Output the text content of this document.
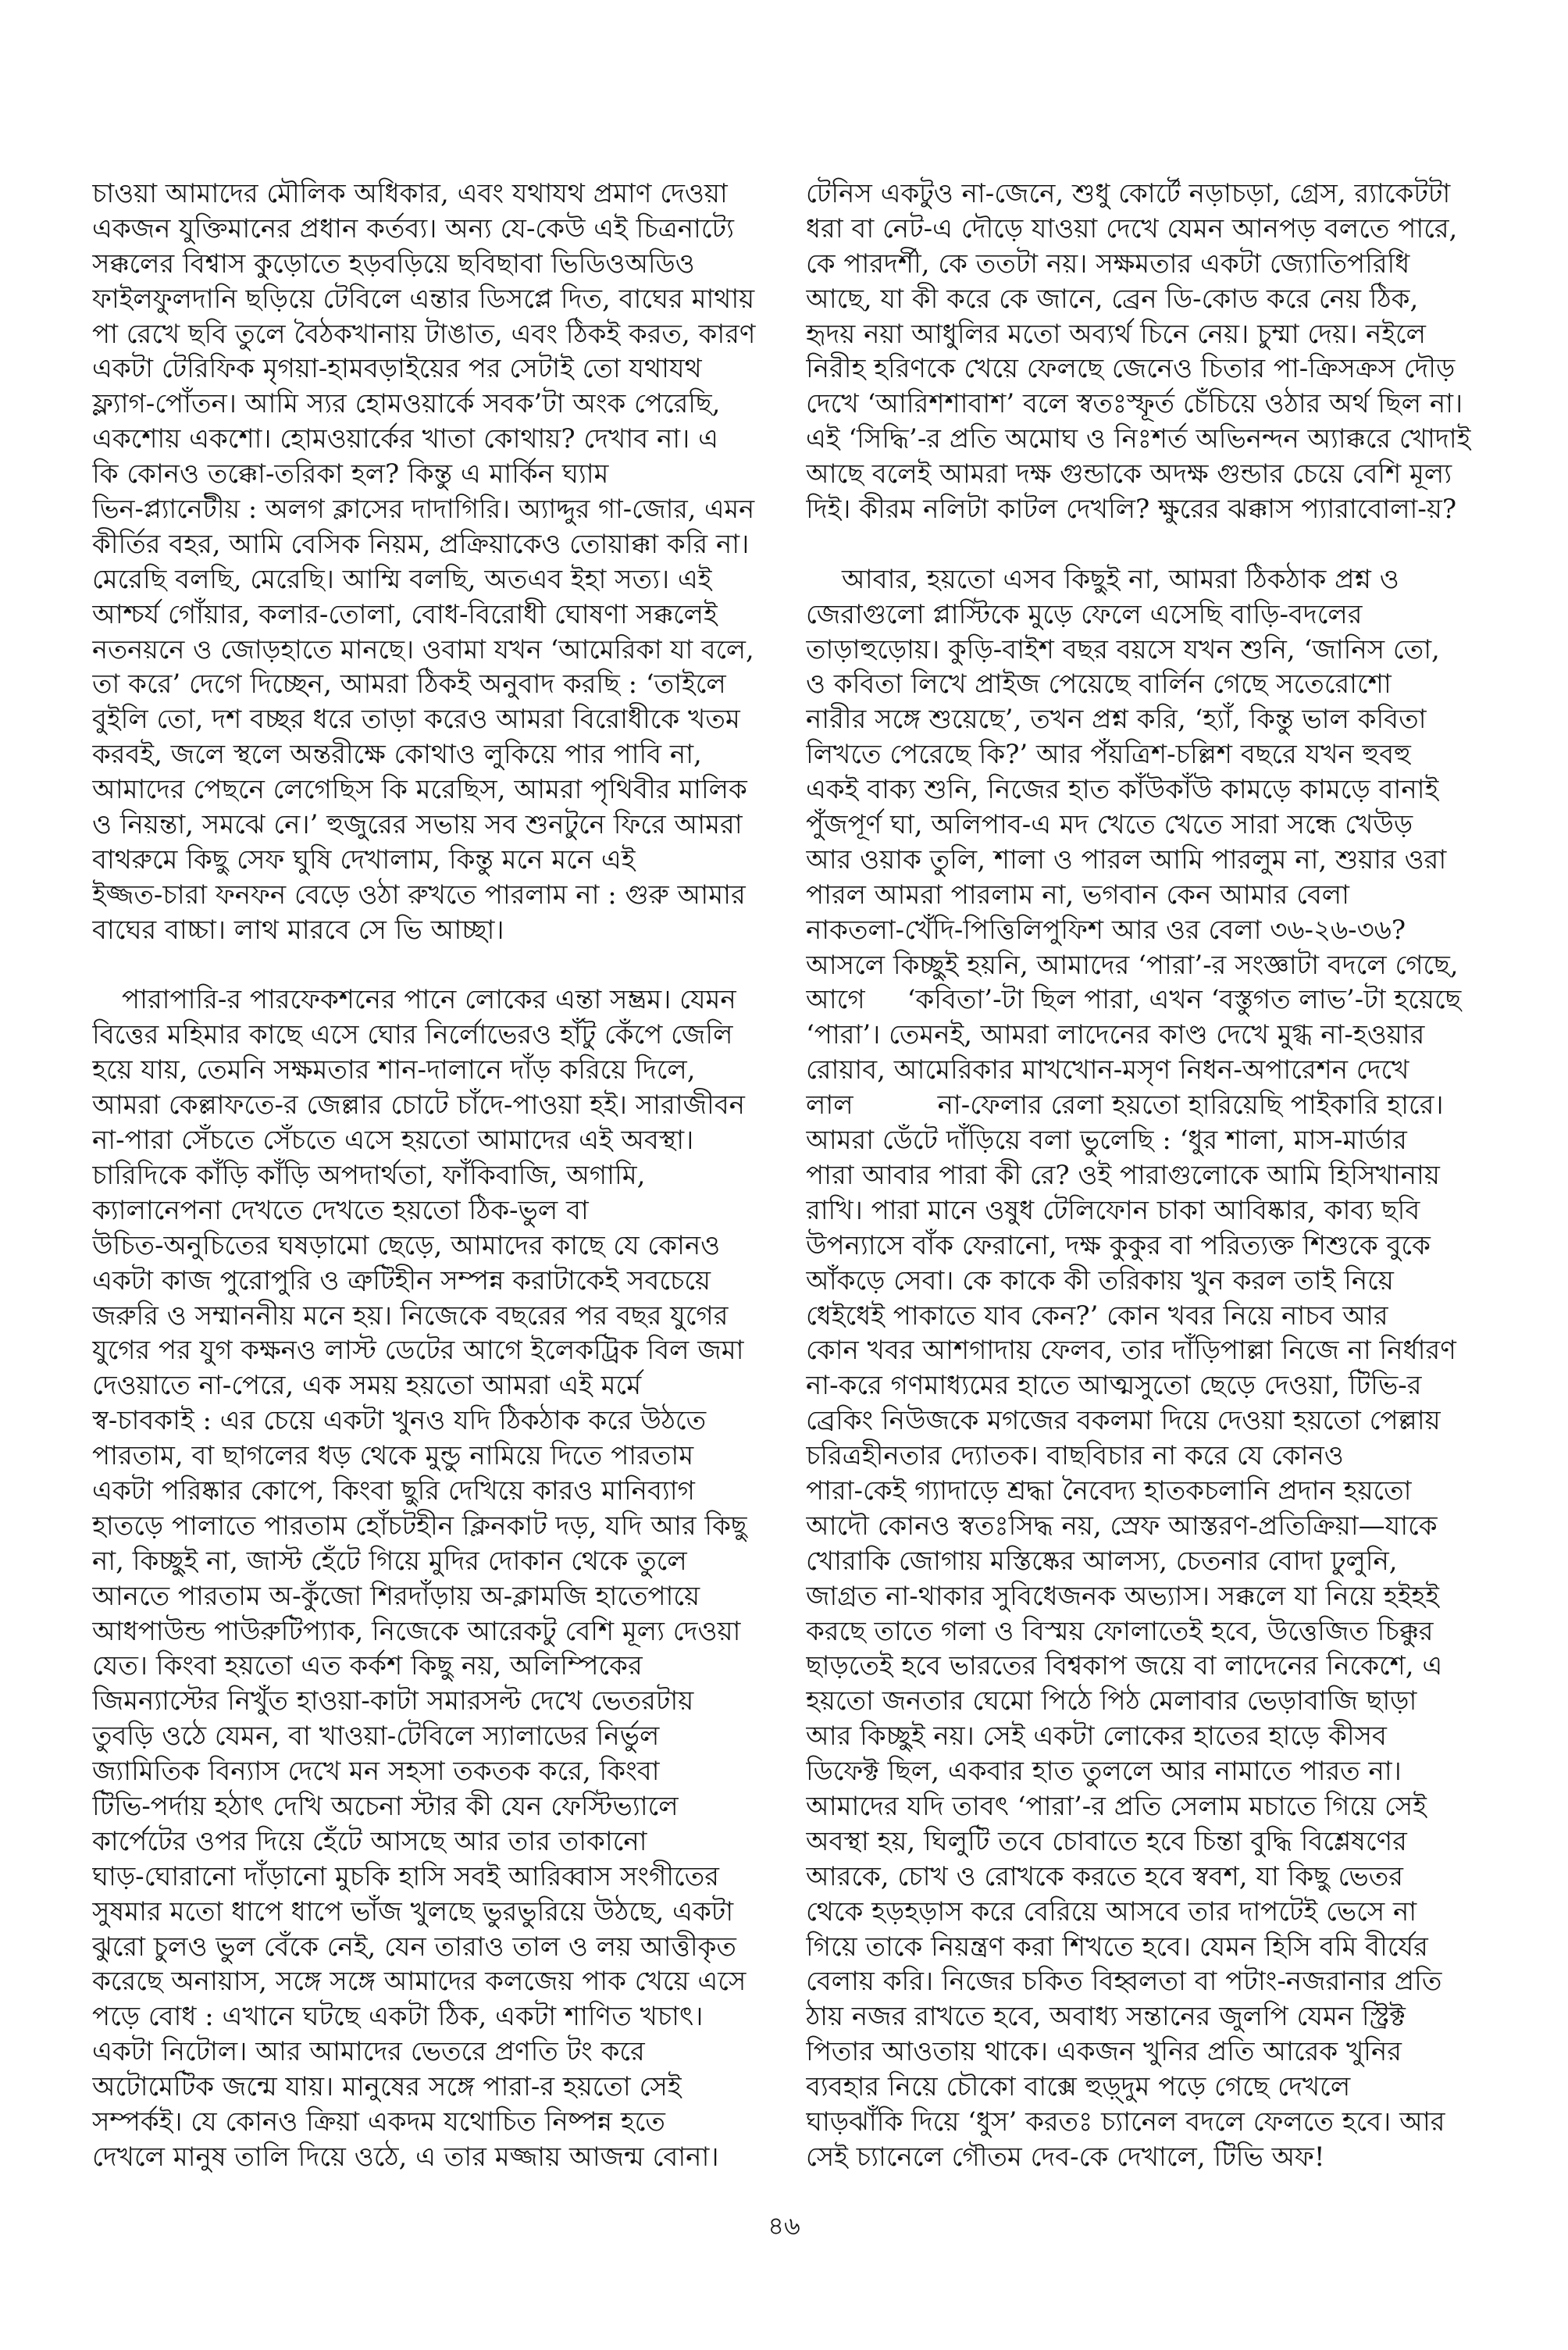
চাওয়া আমাদের মৌলিক অধিকার, এবং যথাযথ প্রমাণ দেওয়া
একজন যুক্তিমানের প্রধান কর্তব্য। অন্য যে-কেউ এই চিত্রনাট্যে
সক্কলের বিশ্বাস কুড়োতে হড়বড়িয়ে ছবিছাবা ভিডিওঅডিও
ফাইলফুলদানি ছড়িয়ে টেবিলে এন্তার ডিসপ্লে দিত, বাঘের মাথায়
পা রেখে ছবি তুলে বৈঠকখানায় টাঙাত, এবং ঠিকই করত, কারণ
একটা টেরিফিক মৃগয়া-হামবড়াইয়ের পর সেটাই তো যথাযথ
ফ্ল্যাগ-পোঁতন। আমি স্যর হোমওয়ার্কে সবক’টা অংক পেরেছি,
একশোয় একশো। হোমওয়ার্কের খাতা কোথায়? দেখাব না। এ
কি কোনও তক্কো-তরিকা হল? কিন্তু এ মার্কিন ঘ্যাম
ভিন-প্ল্যানেটীয় : অলগ ক্লাসের দাদাগিরি। অ্যাদ্দুর গা-জোর, এমন
কীর্তির বহর, আমি বেসিক নিয়ম, প্রক্রিয়াকেও তোয়াক্কা করি না।
মেরেছি বলছি, মেরেছি। আম্মি বলছি, অতএব ইহা সত্য। এই
আশ্চর্য গোঁয়ার, কলার-তোলা, বোধ-বিরোধী ঘোষণা সক্কলেই
নতনয়নে ও জোড়হাতে মানছে। ওবামা যখন ‘আমেরিকা যা বলে,
তা করে’ দেগে দিচ্ছেন, আমরা ঠিকই অনুবাদ করছি : ‘তাইলে
বুইলি তো, দশ বচ্ছর ধরে তাড়া করেও আমরা বিরোধীকে খতম
করবই, জলে স্থলে অন্তরীক্ষে কোথাও লুকিয়ে পার পাবি না,
আমাদের পেছনে লেগেছিস কি মরেছিস, আমরা পৃথিবীর মালিক
ও নিয়ন্তা, সমঝে নে।’ হুজুরের সভায় সব শুনটুনে ফিরে আমরা
বাথরুমে কিছু সেফ ঘুষি দেখালাম, কিন্তু মনে মনে এই
ইজ্জত-চারা ফনফন বেড়ে ওঠা রুখতে পারলাম না : গুরু আমার
বাঘের বাচ্চা। লাথ মারবে সে ভি আচ্ছা।
পারাপারি-র পারফেকশনের পানে লোকের এন্তা সম্ভ্রম। যেমন
বিত্তের মহিমার কাছে এসে ঘোর নির্লোভেরও হাঁটু কেঁপে জেলি
হয়ে যায়, তেমনি সক্ষমতার শান-দালানে দাঁড় করিয়ে দিলে,
আমরা কেল্লাফতে-র জেল্লার চোটে চাঁদে-পাওয়া হই। সারাজীবন
না-পারা সেঁচতে সেঁচতে এসে হয়তো আমাদের এই অবস্থা।
চারিদিকে কাঁড়ি কাঁড়ি অপদার্থতা, ফাঁকিবাজি, অগামি,
ক্যালানেপনা দেখতে দেখতে হয়তো ঠিক-ভুল বা
উচিত-অনুচিতের ঘষড়ামো ছেড়ে, আমাদের কাছে যে কোনও
একটা কাজ পুরোপুরি ও ত্রুটিহীন সম্পন্ন করাটাকেই সবচেয়ে
জরুরি ও সম্মাননীয় মনে হয়। নিজেকে বছরের পর বছর যুগের
যুগের পর যুগ কক্ষনও লাস্ট ডেটের আগে ইলেকট্রিক বিল জমা
দেওয়াতে না-পেরে, এক সময় হয়তো আমরা এই মর্মে
স্ব-চাবকাই : এর চেয়ে একটা খুনও যদি ঠিকঠাক করে উঠতে
পারতাম, বা ছাগলের ধড় থেকে মুন্ডু নামিয়ে দিতে পারতাম
একটা পরিষ্কার কোপে, কিংবা ছুরি দেখিয়ে কারও মানিব্যাগ
হাতড়ে পালাতে পারতাম হোঁচটহীন ক্লিনকাট দড়, যদি আর কিছু
না, কিচ্ছুই না, জাস্ট হেঁটে গিয়ে মুদির দোকান থেকে তুলে
আনতে পারতাম অ-কুঁজো শিরদাঁড়ায় অ-ক্লামজি হাতেপায়ে
আধপাউন্ড পাউরুটিপ্যাক, নিজেকে আরেকটু বেশি মূল্য দেওয়া
যেত। কিংবা হয়তো এত কর্কশ কিছু নয়, অলিম্পিকের
জিমন্যাস্টের নিখুঁত হাওয়া-কাটা সমারসল্ট দেখে ভেতরটায়
তুবড়ি ওঠে যেমন, বা খাওয়া-টেবিলে স্যালাডের নির্ভুল
জ্যামিতিক বিন্যাস দেখে মন সহসা তকতক করে, কিংবা
টিভি-পর্দায় হঠাৎ দেখি অচেনা স্টার কী যেন ফেস্টিভ্যালে
কার্পেটের ওপর দিয়ে হেঁটে আসছে আর তার তাকানো
ঘাড়-ঘোরানো দাঁড়ানো মুচকি হাসি সবই আরিব্বাস সংগীতের
সুষমার মতো ধাপে ধাপে ভাঁজ খুলছে ভুরভুরিয়ে উঠছে, একটা
ঝুরো চুলও ভুল বেঁকে নেই, যেন তারাও তাল ও লয় আত্তীকৃত
করেছে অনায়াস, সঙ্গে সঙ্গে আমাদের কলজেয় পাক খেয়ে এসে
পড়ে বোধ : এখানে ঘটছে একটা ঠিক, একটা শাণিত খচাৎ।
একটা নিটোল। আর আমাদের ভেতরে প্রণতি টং করে
অটোমেটিক জন্মে যায়। মানুষের সঙ্গে পারা-র হয়তো সেই
সম্পর্কই। যে কোনও ক্রিয়া একদম যথোচিত নিষ্পন্ন হতে
দেখলে মানুষ তালি দিয়ে ওঠে, এ তার মজ্জায় আজন্ম বোনা।
টেনিস একটুও না-জেনে, শুধু কোর্টে নড়াচড়া, গ্রেস, র‍্যাকেটটা
ধরা বা নেট-এ দৌড়ে যাওয়া দেখে যেমন আনপড় বলতে পারে,
কে পারদর্শী, কে ততটা নয়। সক্ষমতার একটা জ্যোতিপরিধি
আছে, যা কী করে কে জানে, ব্রেন ডি-কোড করে নেয় ঠিক,
হৃদয় নয়া আধুলির মতো অব্যর্থ চিনে নেয়। চুম্মা দেয়। নইলে
নিরীহ হরিণকে খেয়ে ফেলছে জেনেও চিতার পা-ক্রিসক্রস দৌড়
দেখে ‘আরিশশাবাশ’ বলে স্বতঃস্ফূর্ত চেঁচিয়ে ওঠার অর্থ ছিল না।
এই ‘সিদ্ধি’-র প্রতি অমোঘ ও নিঃশর্ত অভিনন্দন অ্যাক্করে খোদাই
আছে বলেই আমরা দক্ষ গুন্ডাকে অদক্ষ গুন্ডার চেয়ে বেশি মূল্য
দিই। কীরম নলিটা কাটল দেখলি? ক্ষুরের ঝক্কাস প্যারাবোলা-য়?
আবার, হয়তো এসব কিছুই না, আমরা ঠিকঠাক প্রশ্ন ও
জেরাগুলো প্লাস্টিকে মুড়ে ফেলে এসেছি বাড়ি-বদলের
তাড়াহুড়োয়। কুড়ি-বাইশ বছর বয়সে যখন শুনি, ‘জানিস তো,
ও কবিতা লিখে প্রাইজ পেয়েছে বার্লিন গেছে সতেরোশো
নারীর সঙ্গে শুয়েছে’, তখন প্রশ্ন করি, ‘হ্যাঁ, কিন্তু ভাল কবিতা
লিখতে পেরেছে কি?’ আর পঁয়ত্রিশ-চল্লিশ বছরে যখন হুবহু
একই বাক্য শুনি, নিজের হাত কাঁউকাঁউ কামড়ে কামড়ে বানাই
পুঁজপূর্ণ ঘা, অলিপাব-এ মদ খেতে খেতে সারা সন্ধে খেউড়
আর ওয়াক তুলি, শালা ও পারল আমি পারলুম না, শুয়ার ওরা
পারল আমরা পারলাম না, ভগবান কেন আমার বেলা
নাকতলা-খেঁদি-পিত্তিলিপুফিশ আর ওর বেলা ৩৬-২৬-৩৬?
আসলে কিচ্ছুই হয়নি, আমাদের ‘পারা’-র সংজ্ঞাটা বদলে গেছে,
আগে     ‘কবিতা’-টা ছিল পারা, এখন ‘বস্তুগত লাভ’-টা হয়েছে
‘পারা’। তেমনই, আমরা লাদেনের কাণ্ড দেখে মুগ্ধ না-হওয়ার
রোয়াব, আমেরিকার মাখখোন-মসৃণ নিধন-অপারেশন দেখে
লাল          না-ফেলার রেলা হয়তো হারিয়েছি পাইকারি হারে।
আমরা ডেঁটে দাঁড়িয়ে বলা ভুলেছি : ‘ধুর শালা, মাস-মার্ডার
পারা আবার পারা কী রে? ওই পারাগুলোকে আমি হিসিখানায়
রাখি। পারা মানে ওষুধ টেলিফোন চাকা আবিষ্কার, কাব্য ছবি
উপন্যাসে বাঁক ফেরানো, দক্ষ কুকুর বা পরিত্যক্ত শিশুকে বুকে
আঁকড়ে সেবা। কে কাকে কী তরিকায় খুন করল তাই নিয়ে
ধেইধেই পাকাতে যাব কেন?’ কোন খবর নিয়ে নাচব আর
কোন খবর আশগাদায় ফেলব, তার দাঁড়িপাল্লা নিজে না নির্ধারণ
না-করে গণমাধ্যমের হাতে আত্মসুতো ছেড়ে দেওয়া, টিভি-র
ব্রেকিং নিউজকে মগজের বকলমা দিয়ে দেওয়া হয়তো পেল্লায়
চরিত্রহীনতার দ্যোতক। বাছবিচার না করে যে কোনও
পারা-কেই গ্যাদাড়ে শ্রদ্ধা নৈবেদ্য হাতকচলানি প্রদান হয়তো
আদৌ কোনও স্বতঃসিদ্ধ নয়, স্রেফ আস্তরণ-প্রতিক্রিয়া—যাকে
খোরাকি জোগায় মস্তিষ্কের আলস্য, চেতনার বোদা ঢুলুনি,
জাগ্রত না-থাকার সুবিধেজনক অভ্যাস। সক্কলে যা নিয়ে হইহই
করছে তাতে গলা ও বিস্ময় ফোলাতেই হবে, উত্তেজিত চিক্কুর
ছাড়তেই হবে ভারতের বিশ্বকাপ জয়ে বা লাদেনের নিকেশে, এ
হয়তো জনতার ঘেমো পিঠে পিঠ মেলাবার ভেড়াবাজি ছাড়া
আর কিচ্ছুই নয়। সেই একটা লোকের হাতের হাড়ে কীসব
ডিফেক্ট ছিল, একবার হাত তুললে আর নামাতে পারত না।
আমাদের যদি তাবৎ ‘পারা’-র প্রতি সেলাম মচাতে গিয়ে সেই
অবস্থা হয়, ঘিলুটি তবে চোবাতে হবে চিন্তা বুদ্ধি বিশ্লেষণের
আরকে, চোখ ও রোখকে করতে হবে স্ববশ, যা কিছু ভেতর
থেকে হড়হড়াস করে বেরিয়ে আসবে তার দাপটেই ভেসে না
গিয়ে তাকে নিয়ন্ত্রণ করা শিখতে হবে। যেমন হিসি বমি বীর্যের
বেলায় করি। নিজের চকিত বিহ্বলতা বা পটাং-নজরানার প্রতি
ঠায় নজর রাখতে হবে, অবাধ্য সন্তানের জুলপি যেমন স্ট্রিক্ট
পিতার আওতায় থাকে। একজন খুনির প্রতি আরেক খুনির
ব্যবহার নিয়ে চৌকো বাক্সে হুড়্দুম পড়ে গেছে দেখলে
ঘাড়ঝাঁকি দিয়ে ‘ধুস’ করতঃ চ্যানেল বদলে ফেলতে হবে। আর
সেই চ্যানেলে গৌতম দেব-কে দেখালে, টিভি অফ!
৪৬
